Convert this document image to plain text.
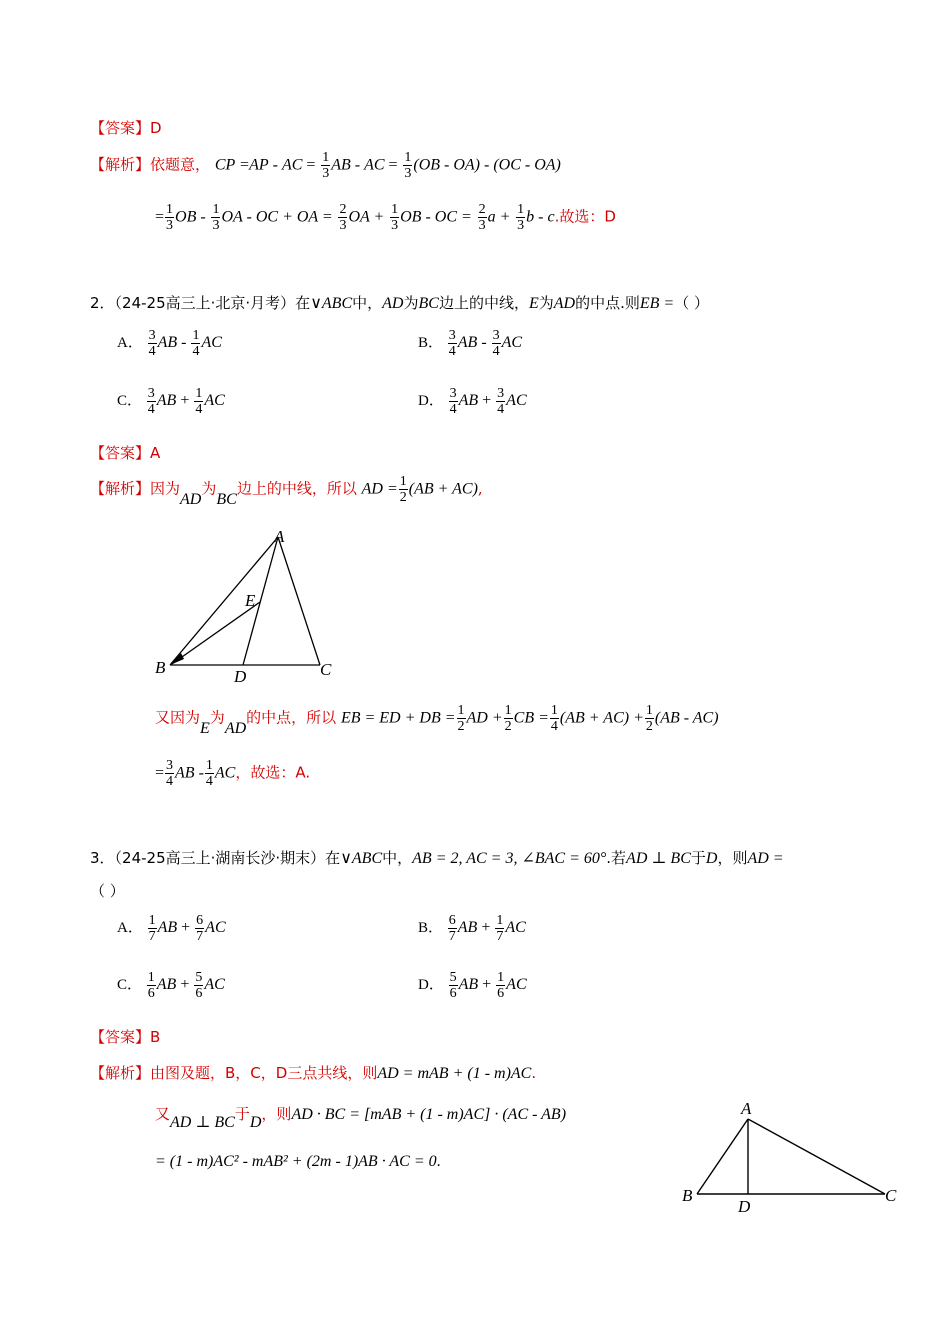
【答案】D
【解析】依题意， CP =AP - AC = $\frac{1}{3}$ AB - AC = $\frac{1}{3} (OB - OA) - (OC - OA)$
= $\frac{1}{3}$ OB - $\frac{1}{3}$ OA - OC + OA = $\frac{2}{3}$ OA + $\frac{1}{3}$ OB - OC = $\frac{2}{3}$ $a + \frac{1}{3}$ b - c.故选：D
2．（24-25高三上·北京·月考）在∨ABC中，AD为BC边上的中线，E为AD的中点.则EB =（ ）
A． $\frac{3}{4}$ AB - $\frac{1}{4}$ AC	B． $\frac{3}{4}$ AB - $\frac{3}{4}$ AC
C． $\frac{3}{4}$ AB + $\frac{1}{4}$ AC	D． $\frac{3}{4}$ AB + $\frac{3}{4}$ AC
【答案】A
【解析】因为AD为BC边上的中线，所以 AD = $\frac{1}{2} (AB + AC)$,
A
B	C
D
E
又因为E为AD的中点，所以 EB = ED + DB = $\frac{1}{2}$ AD + $\frac{1}{2}$ CB = $\frac{1}{4} (AB + AC) + \frac{1}{2} (AB - AC)$
= $\frac{3}{4}$ AB - $\frac{1}{4}$ AC，故选：A.
3．（24-25高三上·湖南长沙·期末）在∨ABC中，AB = 2, AC = 3, ∠BAC = 60°.若AD ⊥ BC于D，则AD =
（ ）
A． $\frac{1}{7}$ AB + $\frac{6}{7}$ AC	B． $\frac{6}{7}$ AB + $\frac{1}{7}$ AC
C． $\frac{1}{6}$ AB + $\frac{5}{6}$ AC	D． $\frac{5}{6}$ AB + $\frac{1}{6}$ AC
【答案】B
【解析】由图及题，B，C，D三点共线，则AD = mAB + (1 - m)AC.
又AD ⊥ BC于D，则AD · BC = [mAB + (1 - m)AC] · (AC - AB)
= (1 - m)AC² - mAB² + (2m - 1)AB · AC = 0.
A
B	C
D
